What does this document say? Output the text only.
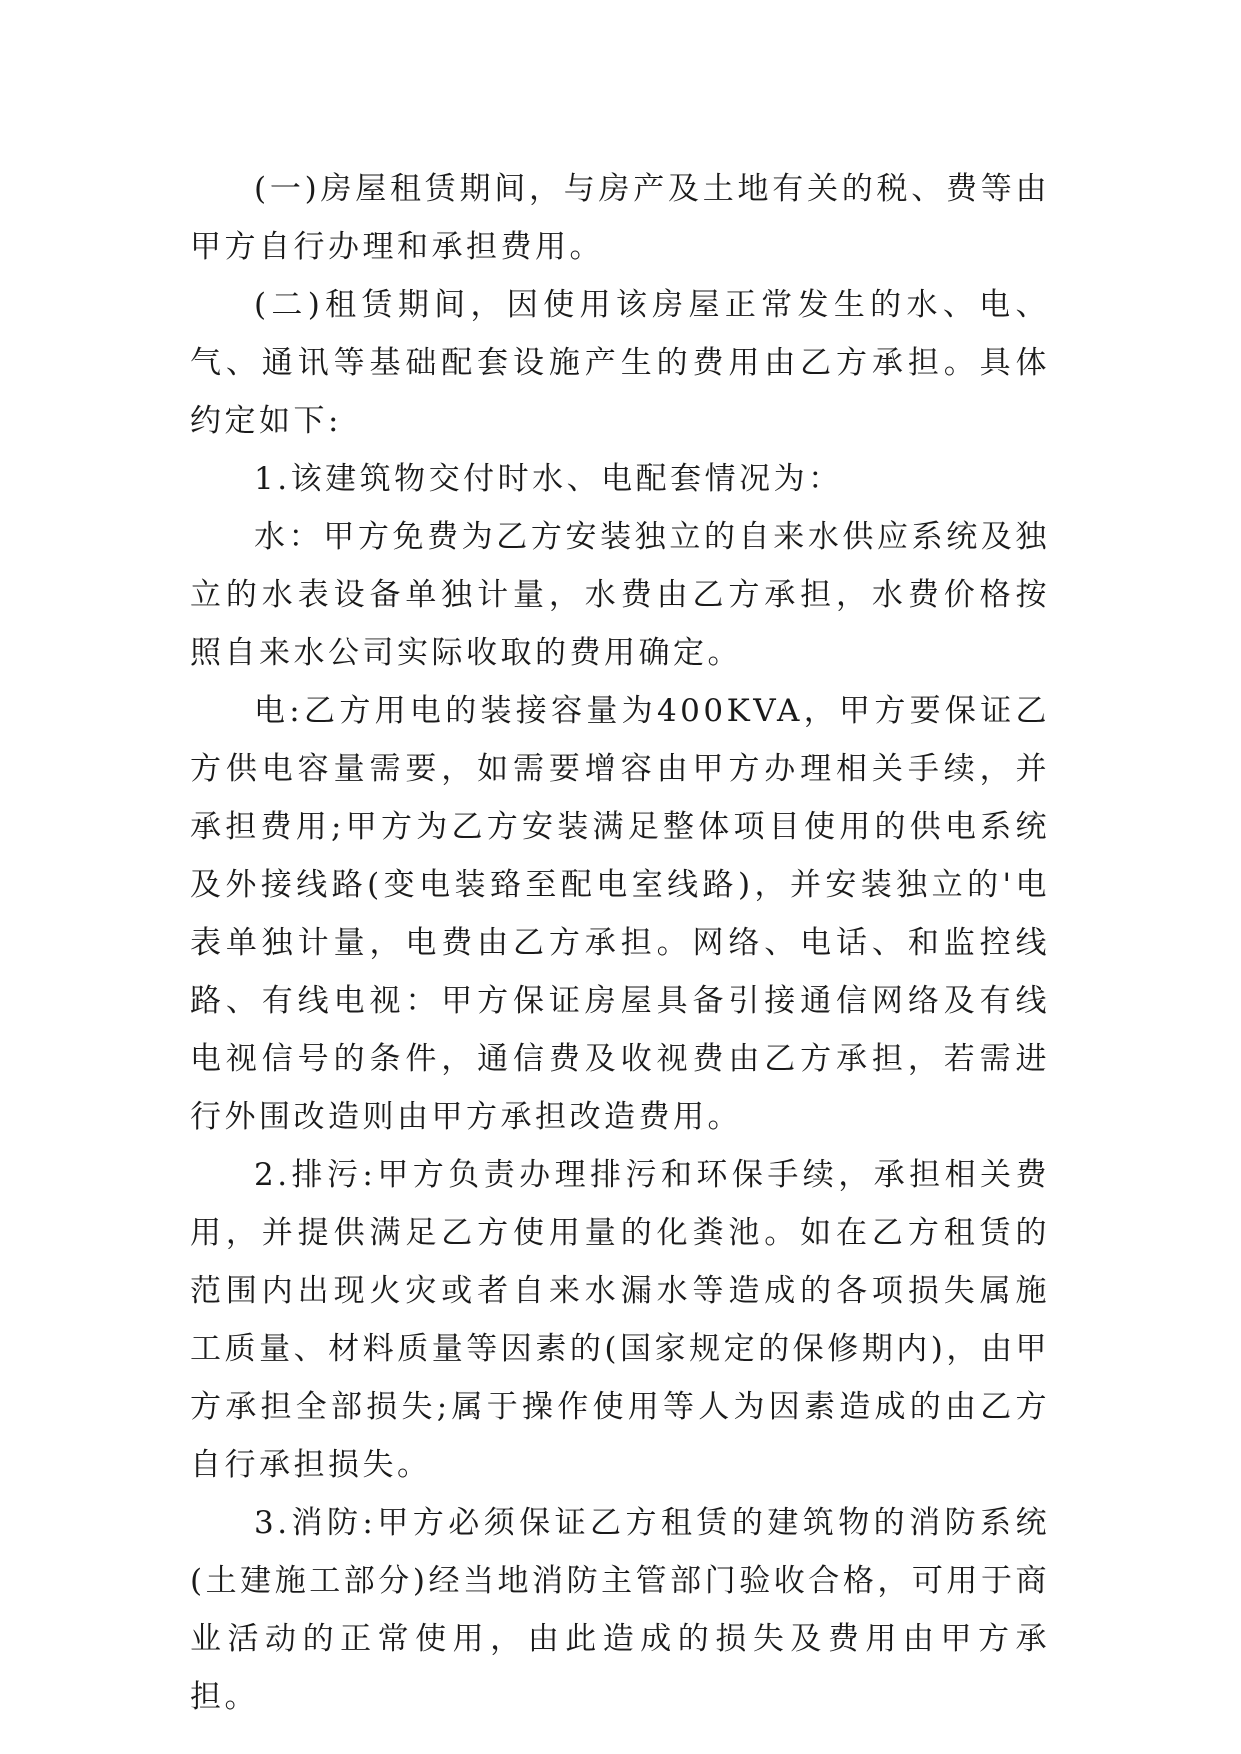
(一)房屋租赁期间，与房产及土地有关的税、费等由甲方自行办理和承担费用。

(二)租赁期间，因使用该房屋正常发生的水、电、气、通讯等基础配套设施产生的费用由乙方承担。具体约定如下:

1.该建筑物交付时水、电配套情况为：

水：甲方免费为乙方安装独立的自来水供应系统及独立的水表设备单独计量，水费由乙方承担，水费价格按照自来水公司实际收取的费用确定。

电:乙方用电的装接容量为400KVA，甲方要保证乙方供电容量需要，如需要增容由甲方办理相关手续，并承担费用;甲方为乙方安装满足整体项目使用的供电系统及外接线路(变电装臵至配电室线路)，并安装独立的'电表单独计量，电费由乙方承担。网络、电话、和监控线路、有线电视：甲方保证房屋具备引接通信网络及有线电视信号的条件，通信费及收视费由乙方承担，若需进行外围改造则由甲方承担改造费用。

2.排污:甲方负责办理排污和环保手续，承担相关费用，并提供满足乙方使用量的化粪池。如在乙方租赁的范围内出现火灾或者自来水漏水等造成的各项损失属施工质量、材料质量等因素的(国家规定的保修期内)，由甲方承担全部损失;属于操作使用等人为因素造成的由乙方自行承担损失。

3.消防:甲方必须保证乙方租赁的建筑物的消防系统(土建施工部分)经当地消防主管部门验收合格，可用于商业活动的正常使用，由此造成的损失及费用由甲方承担。
